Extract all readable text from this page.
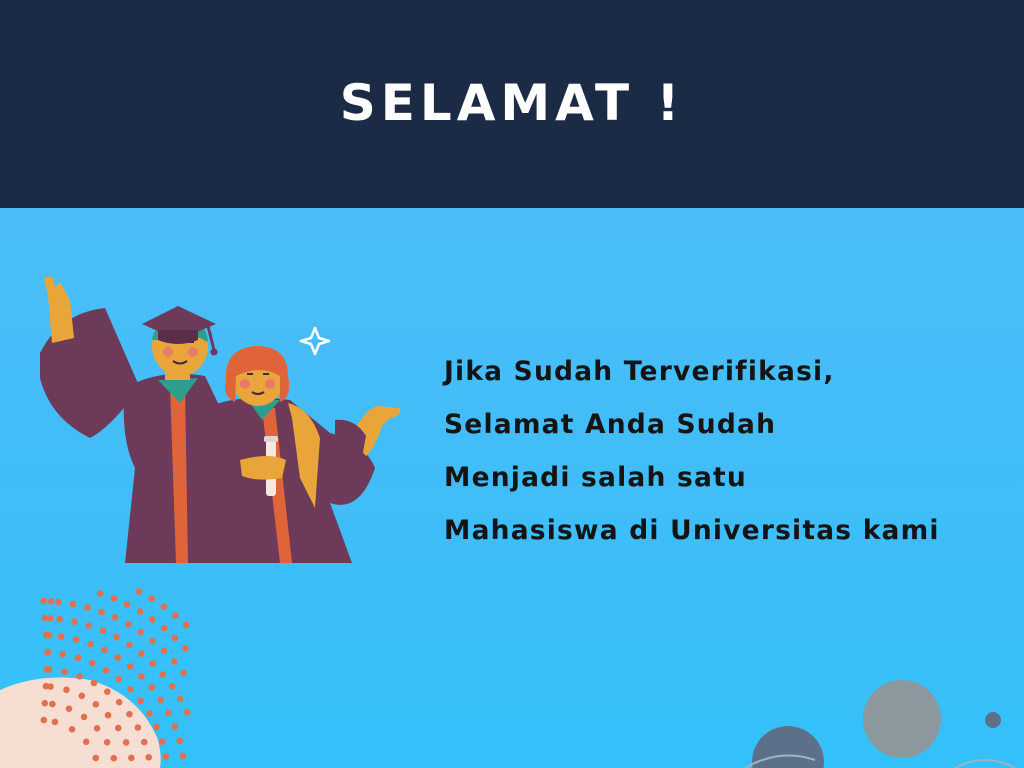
SELAMAT !
Jika Sudah Terverifikasi,
Selamat Anda Sudah
Menjadi salah satu
Mahasiswa di Universitas kami
